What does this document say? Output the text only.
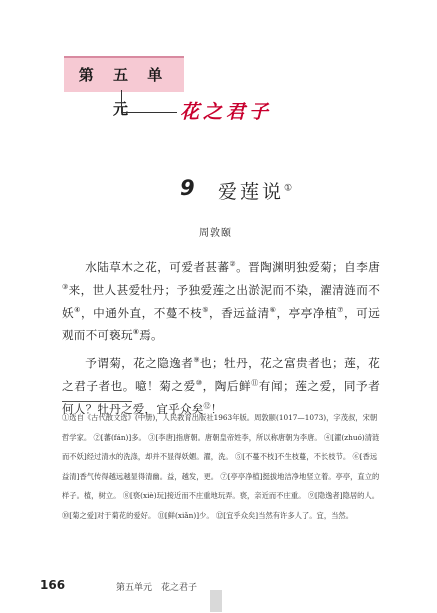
第 五 单 元	花之君子
9 爱莲说①
周敦颐
水陆草木之花，可爱者甚蕃②。晋陶渊明独爱菊；自李唐③来，世人甚爱牡丹；予独爱莲之出淤泥而不染，濯清涟而不妖④，中通外直，不蔓不枝⑤，香远益清⑥，亭亭净植⑦，可远观而不可亵玩⑧焉。
予谓菊，花之隐逸者⑨也；牡丹，花之富贵者也；莲，花之君子者也。噫！菊之爱⑩，陶后鲜⑪有闻；莲之爱，同予者何人？牡丹之爱，宜乎众矣⑫！
①选自《古代散文选》(中册)，人民教育出版社1963年版。周敦颐(1017—1073)，字茂叔，宋朝哲学家。 ②[蕃(fán)]多。 ③[李唐]指唐朝。唐朝皇帝姓李，所以称唐朝为李唐。 ④[濯(zhuó)清涟而不妖]经过清水的洗涤，却并不显得妖媚。濯，洗。 ⑤[不蔓不枝]不生枝蔓，不长枝节。 ⑥[香远益清]香气传得越远越显得清幽。益，越发，更。 ⑦[亭亭净植]挺拔地洁净地竖立着。亭亭，直立的样子。植，树立。 ⑧[亵(xiè)玩]接近而不庄重地玩弄。亵，亲近而不庄重。 ⑨[隐逸者]隐居的人。 ⑩[菊之爱]对于菊花的爱好。 ⑪[鲜(xiǎn)]少。 ⑫[宜乎众矣]当然有许多人了。宜，当然。
166	第五单元　花之君子
